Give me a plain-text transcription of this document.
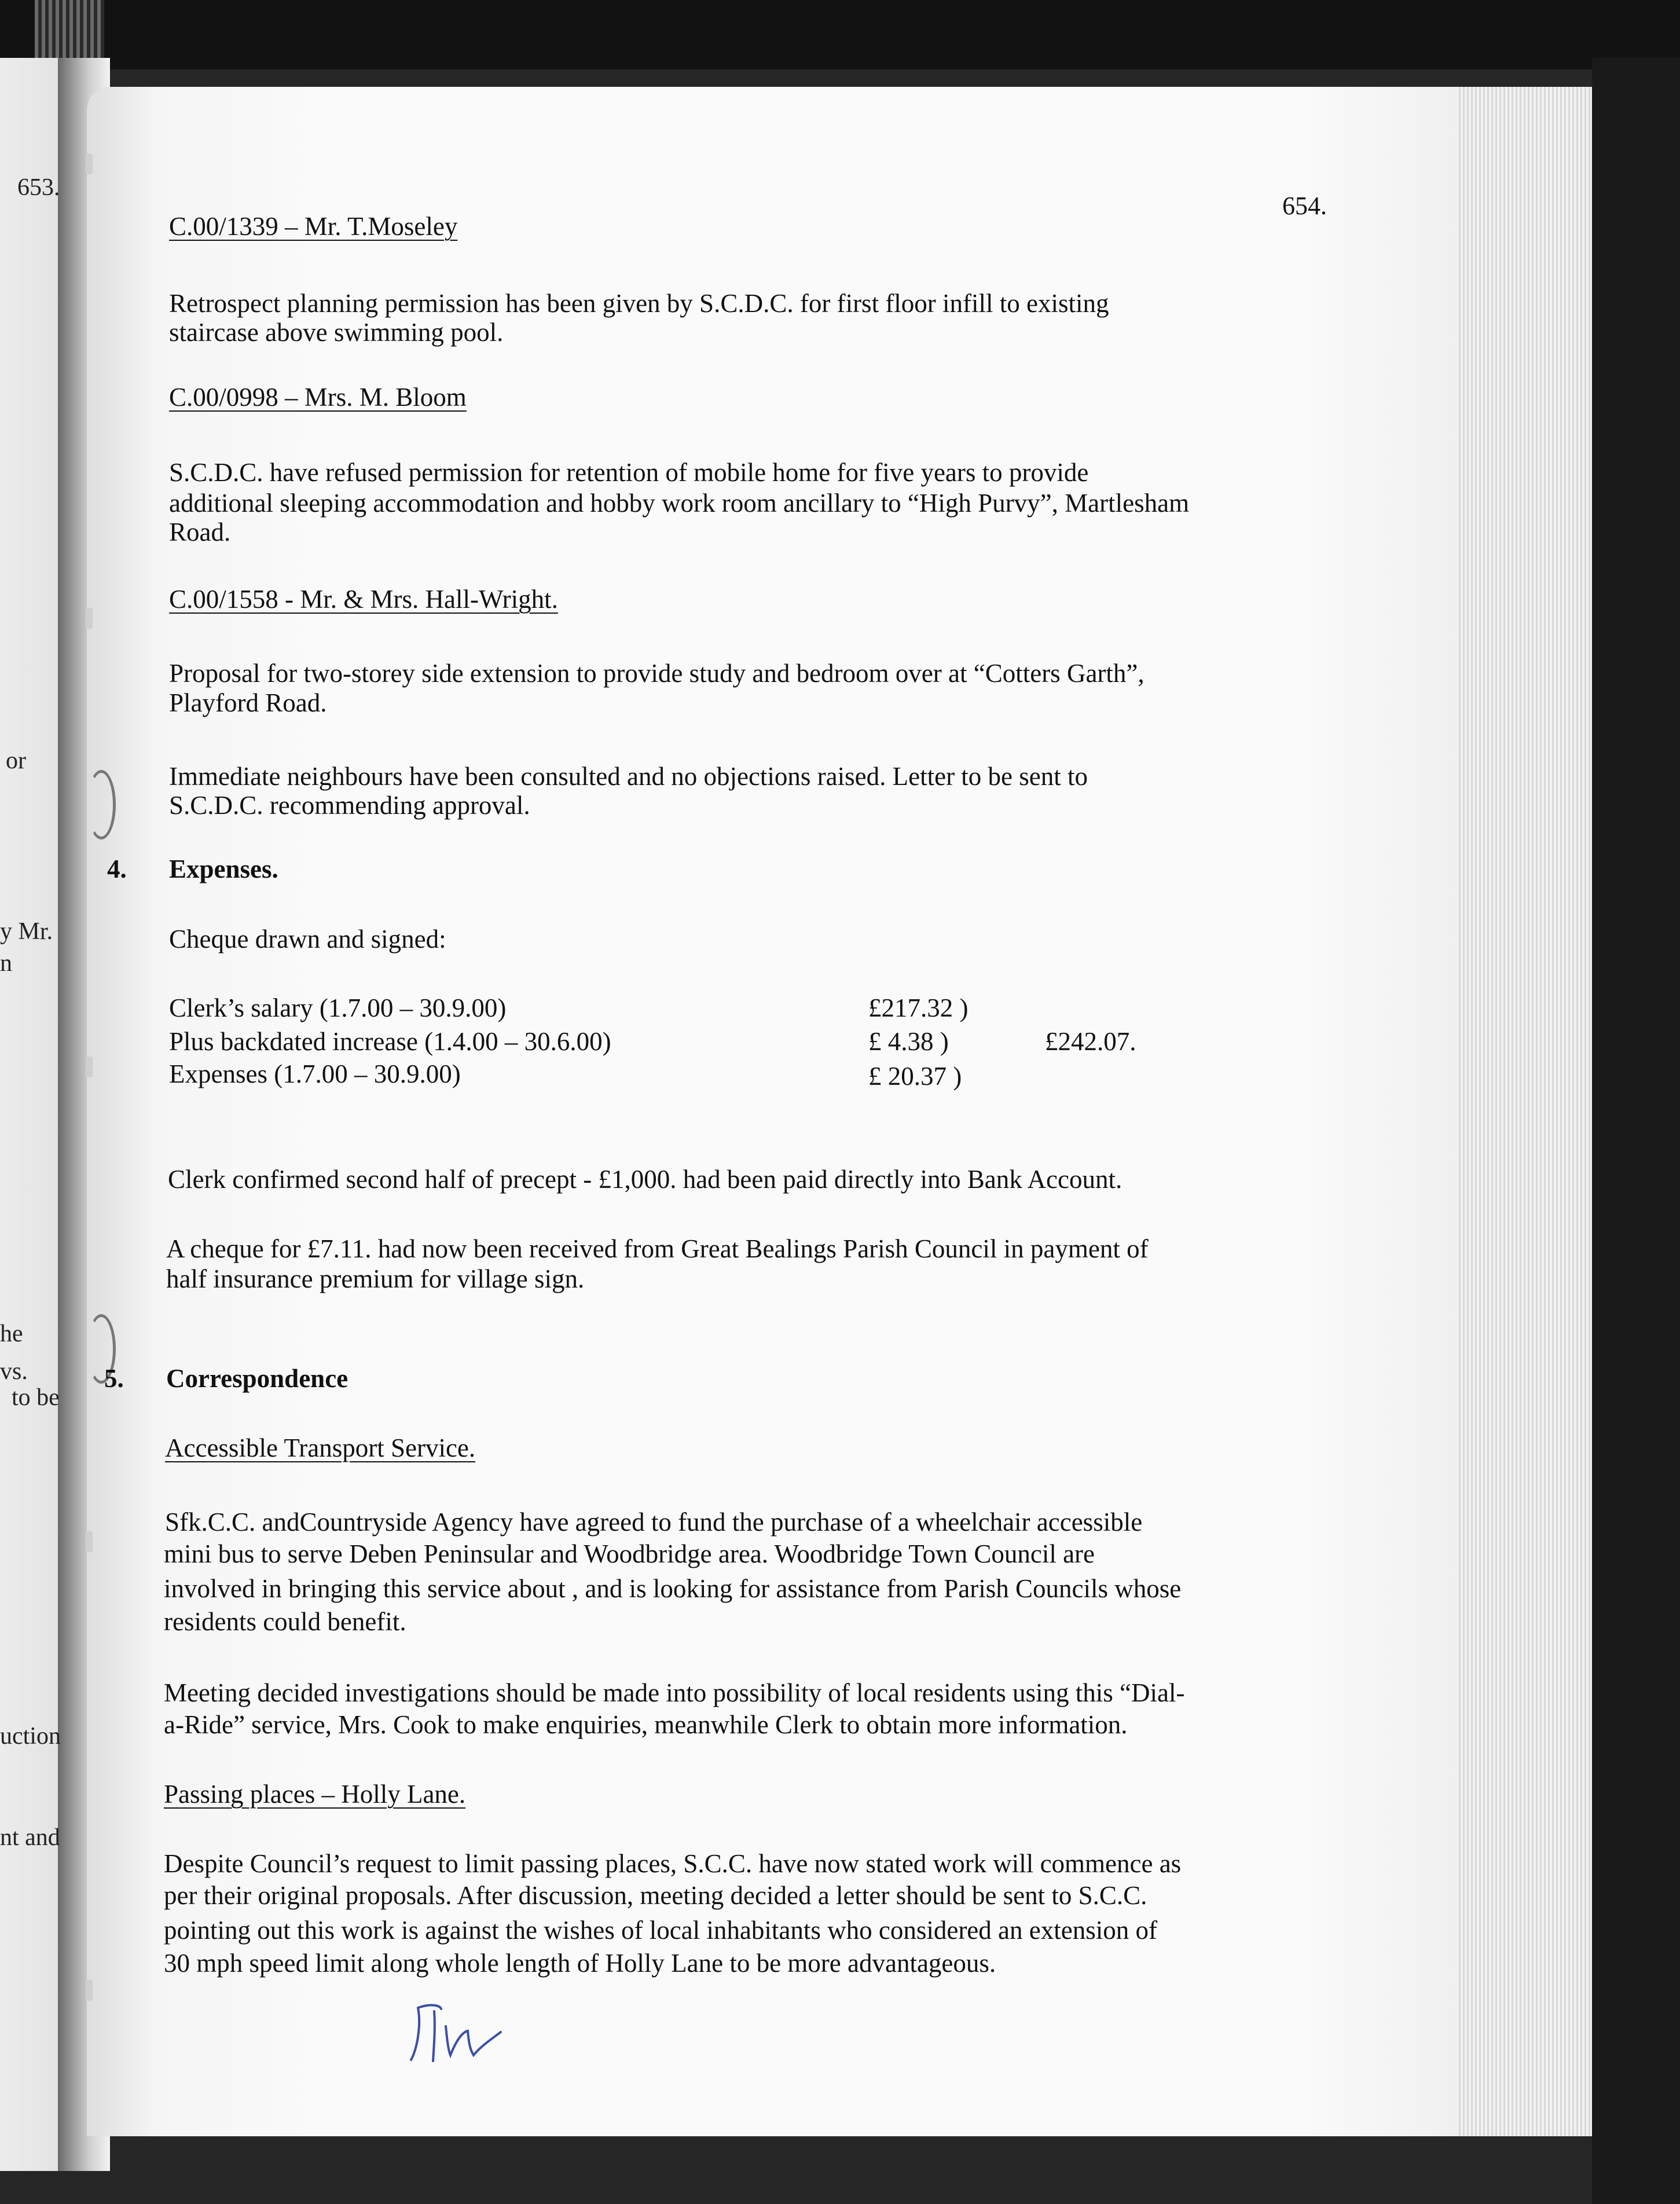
653.
or
y Mr.
n
he
vs.
to be
uction
nt and
654.

C.00/1339 – Mr. T.Moseley

Retrospect planning permission has been given by S.C.D.C. for first floor infill to existing

staircase above swimming pool.

C.00/0998 – Mrs. M. Bloom

S.C.D.C. have refused permission for retention of mobile home for five years to provide

additional sleeping accommodation and hobby work room ancillary to “High Purvy”, Martlesham

Road.

C.00/1558 - Mr. & Mrs. Hall-Wright.

Proposal for two-storey side extension to provide study and bedroom over at “Cotters Garth”,

Playford Road.

Immediate neighbours have been consulted and no objections raised. Letter to be sent to

S.C.D.C. recommending approval.

4. Expenses.

Cheque drawn and signed:

Clerk’s salary (1.7.00 – 30.9.00)	£217.32 )

Plus backdated increase (1.4.00 – 30.6.00)	£ 4.38 )	£242.07.

Expenses (1.7.00 – 30.9.00)	£ 20.37 )

Clerk confirmed second half of precept - £1,000. had been paid directly into Bank Account.

A cheque for £7.11. had now been received from Great Bealings Parish Council in payment of

half insurance premium for village sign.

5. Correspondence

Accessible Transport Service.

Sfk.C.C. andCountryside Agency have agreed to fund the purchase of a wheelchair accessible

mini bus to serve Deben Peninsular and Woodbridge area. Woodbridge Town Council are

involved in bringing this service about , and is looking for assistance from Parish Councils whose

residents could benefit.

Meeting decided investigations should be made into possibility of local residents using this “Dial-

a-Ride” service, Mrs. Cook to make enquiries, meanwhile Clerk to obtain more information.

Passing places – Holly Lane.

Despite Council’s request to limit passing places, S.C.C. have now stated work will commence as

per their original proposals. After discussion, meeting decided a letter should be sent to S.C.C.

pointing out this work is against the wishes of local inhabitants who considered an extension of

30 mph speed limit along whole length of Holly Lane to be more advantageous.
